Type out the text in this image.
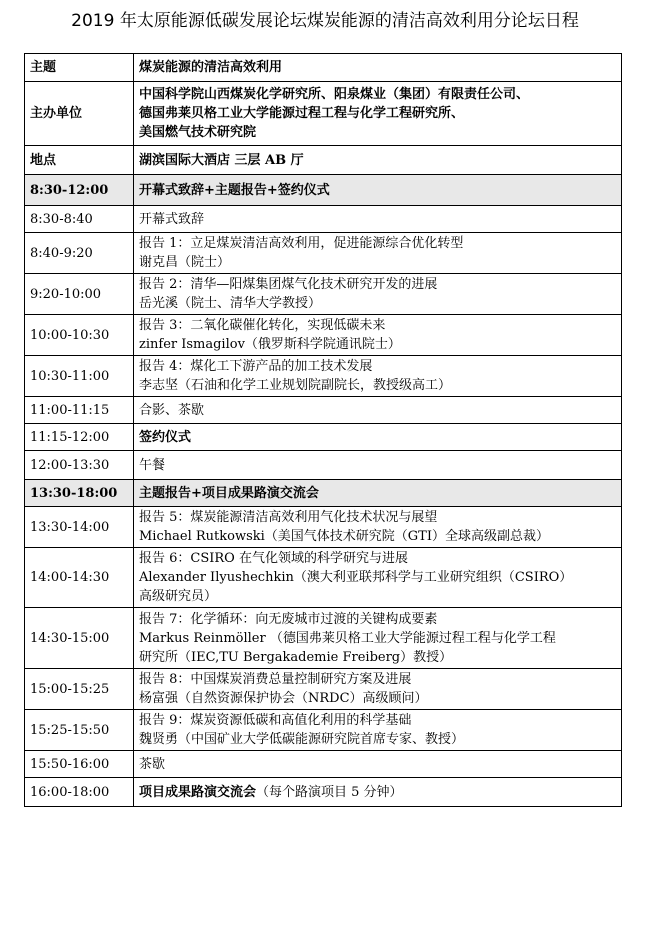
2019 年太原能源低碳发展论坛煤炭能源的清洁高效利用分论坛日程
主题	煤炭能源的清洁高效利用

主办单位	中国科学院山西煤炭化学研究所、阳泉煤业（集团）有限责任公司、
德国弗莱贝格工业大学能源过程工程与化学工程研究所、
美国燃气技术研究院

地点	湖滨国际大酒店 三层 AB 厅

8:30-12:00	开幕式致辞+主题报告+签约仪式

8:30-8:40	开幕式致辞

8:40-9:20	报告 1：立足煤炭清洁高效利用，促进能源综合优化转型
谢克昌（院士）

9:20-10:00	报告 2：清华—阳煤集团煤气化技术研究开发的进展
岳光溪（院士、清华大学教授）

10:00-10:30	报告 3：二氧化碳催化转化，实现低碳未来
zinfer Ismagilov（俄罗斯科学院通讯院士）

10:30-11:00	报告 4：煤化工下游产品的加工技术发展
李志坚（石油和化学工业规划院副院长，教授级高工）

11:00-11:15	合影、茶歇

11:15-12:00	签约仪式

12:00-13:30	午餐

13:30-18:00	主题报告+项目成果路演交流会

13:30-14:00	报告 5：煤炭能源清洁高效利用气化技术状况与展望
Michael Rutkowski（美国气体技术研究院（GTI）全球高级副总裁）

14:00-14:30	报告 6：CSIRO 在气化领域的科学研究与进展
Alexander Ilyushechkin（澳大利亚联邦科学与工业研究组织（CSIRO）
高级研究员）

14:30-15:00	报告 7：化学循环：向无废城市过渡的关键构成要素
Markus Reinmöller （德国弗莱贝格工业大学能源过程工程与化学工程
研究所（IEC,TU Bergakademie Freiberg）教授）

15:00-15:25	报告 8：中国煤炭消费总量控制研究方案及进展
杨富强（自然资源保护协会（NRDC）高级顾问）

15:25-15:50	报告 9：煤炭资源低碳和高值化利用的科学基础
魏贤勇（中国矿业大学低碳能源研究院首席专家、教授）

15:50-16:00	茶歇

16:00-18:00	项目成果路演交流会（每个路演项目 5 分钟）
